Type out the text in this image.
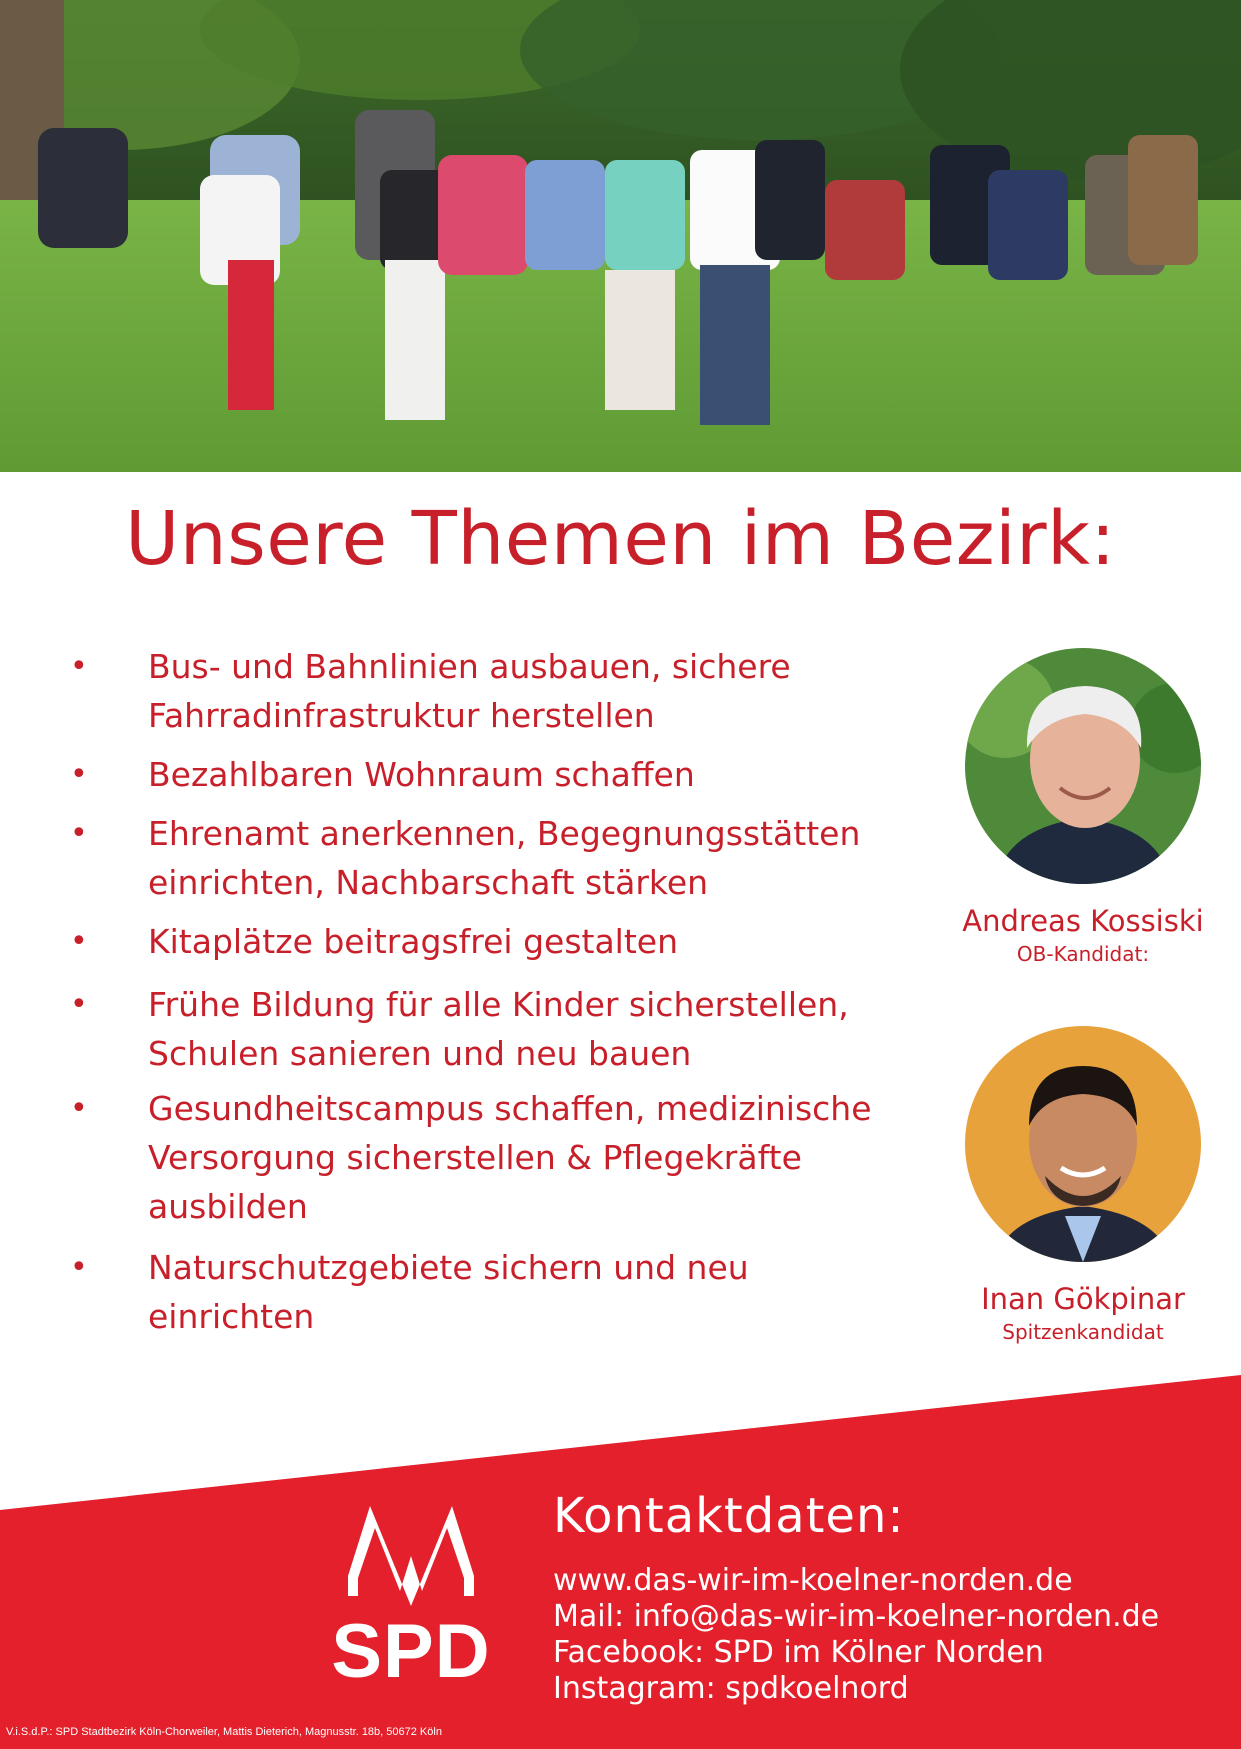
Unsere Themen im Bezirk:
• Bus- und Bahnlinien ausbauen, sichere
Fahrradinfrastruktur herstellen
• Bezahlbaren Wohnraum schaffen
• Ehrenamt anerkennen, Begegnungsstätten
einrichten, Nachbarschaft stärken
• Kitaplätze beitragsfrei gestalten
• Frühe Bildung für alle Kinder sicherstellen,
Schulen sanieren und neu bauen
• Gesundheitscampus schaffen, medizinische
Versorgung sicherstellen & Pflegekräfte
ausbilden
• Naturschutzgebiete sichern und neu
einrichten
Andreas Kossiski
OB-Kandidat:
Inan Gökpinar
Spitzenkandidat
SPD
Kontaktdaten:
www.das-wir-im-koelner-norden.de
Mail: info@das-wir-im-koelner-norden.de
Facebook: SPD im Kölner Norden
Instagram: spdkoelnord
V.i.S.d.P.: SPD Stadtbezirk Köln-Chorweiler, Mattis Dieterich, Magnusstr. 18b, 50672 Köln
